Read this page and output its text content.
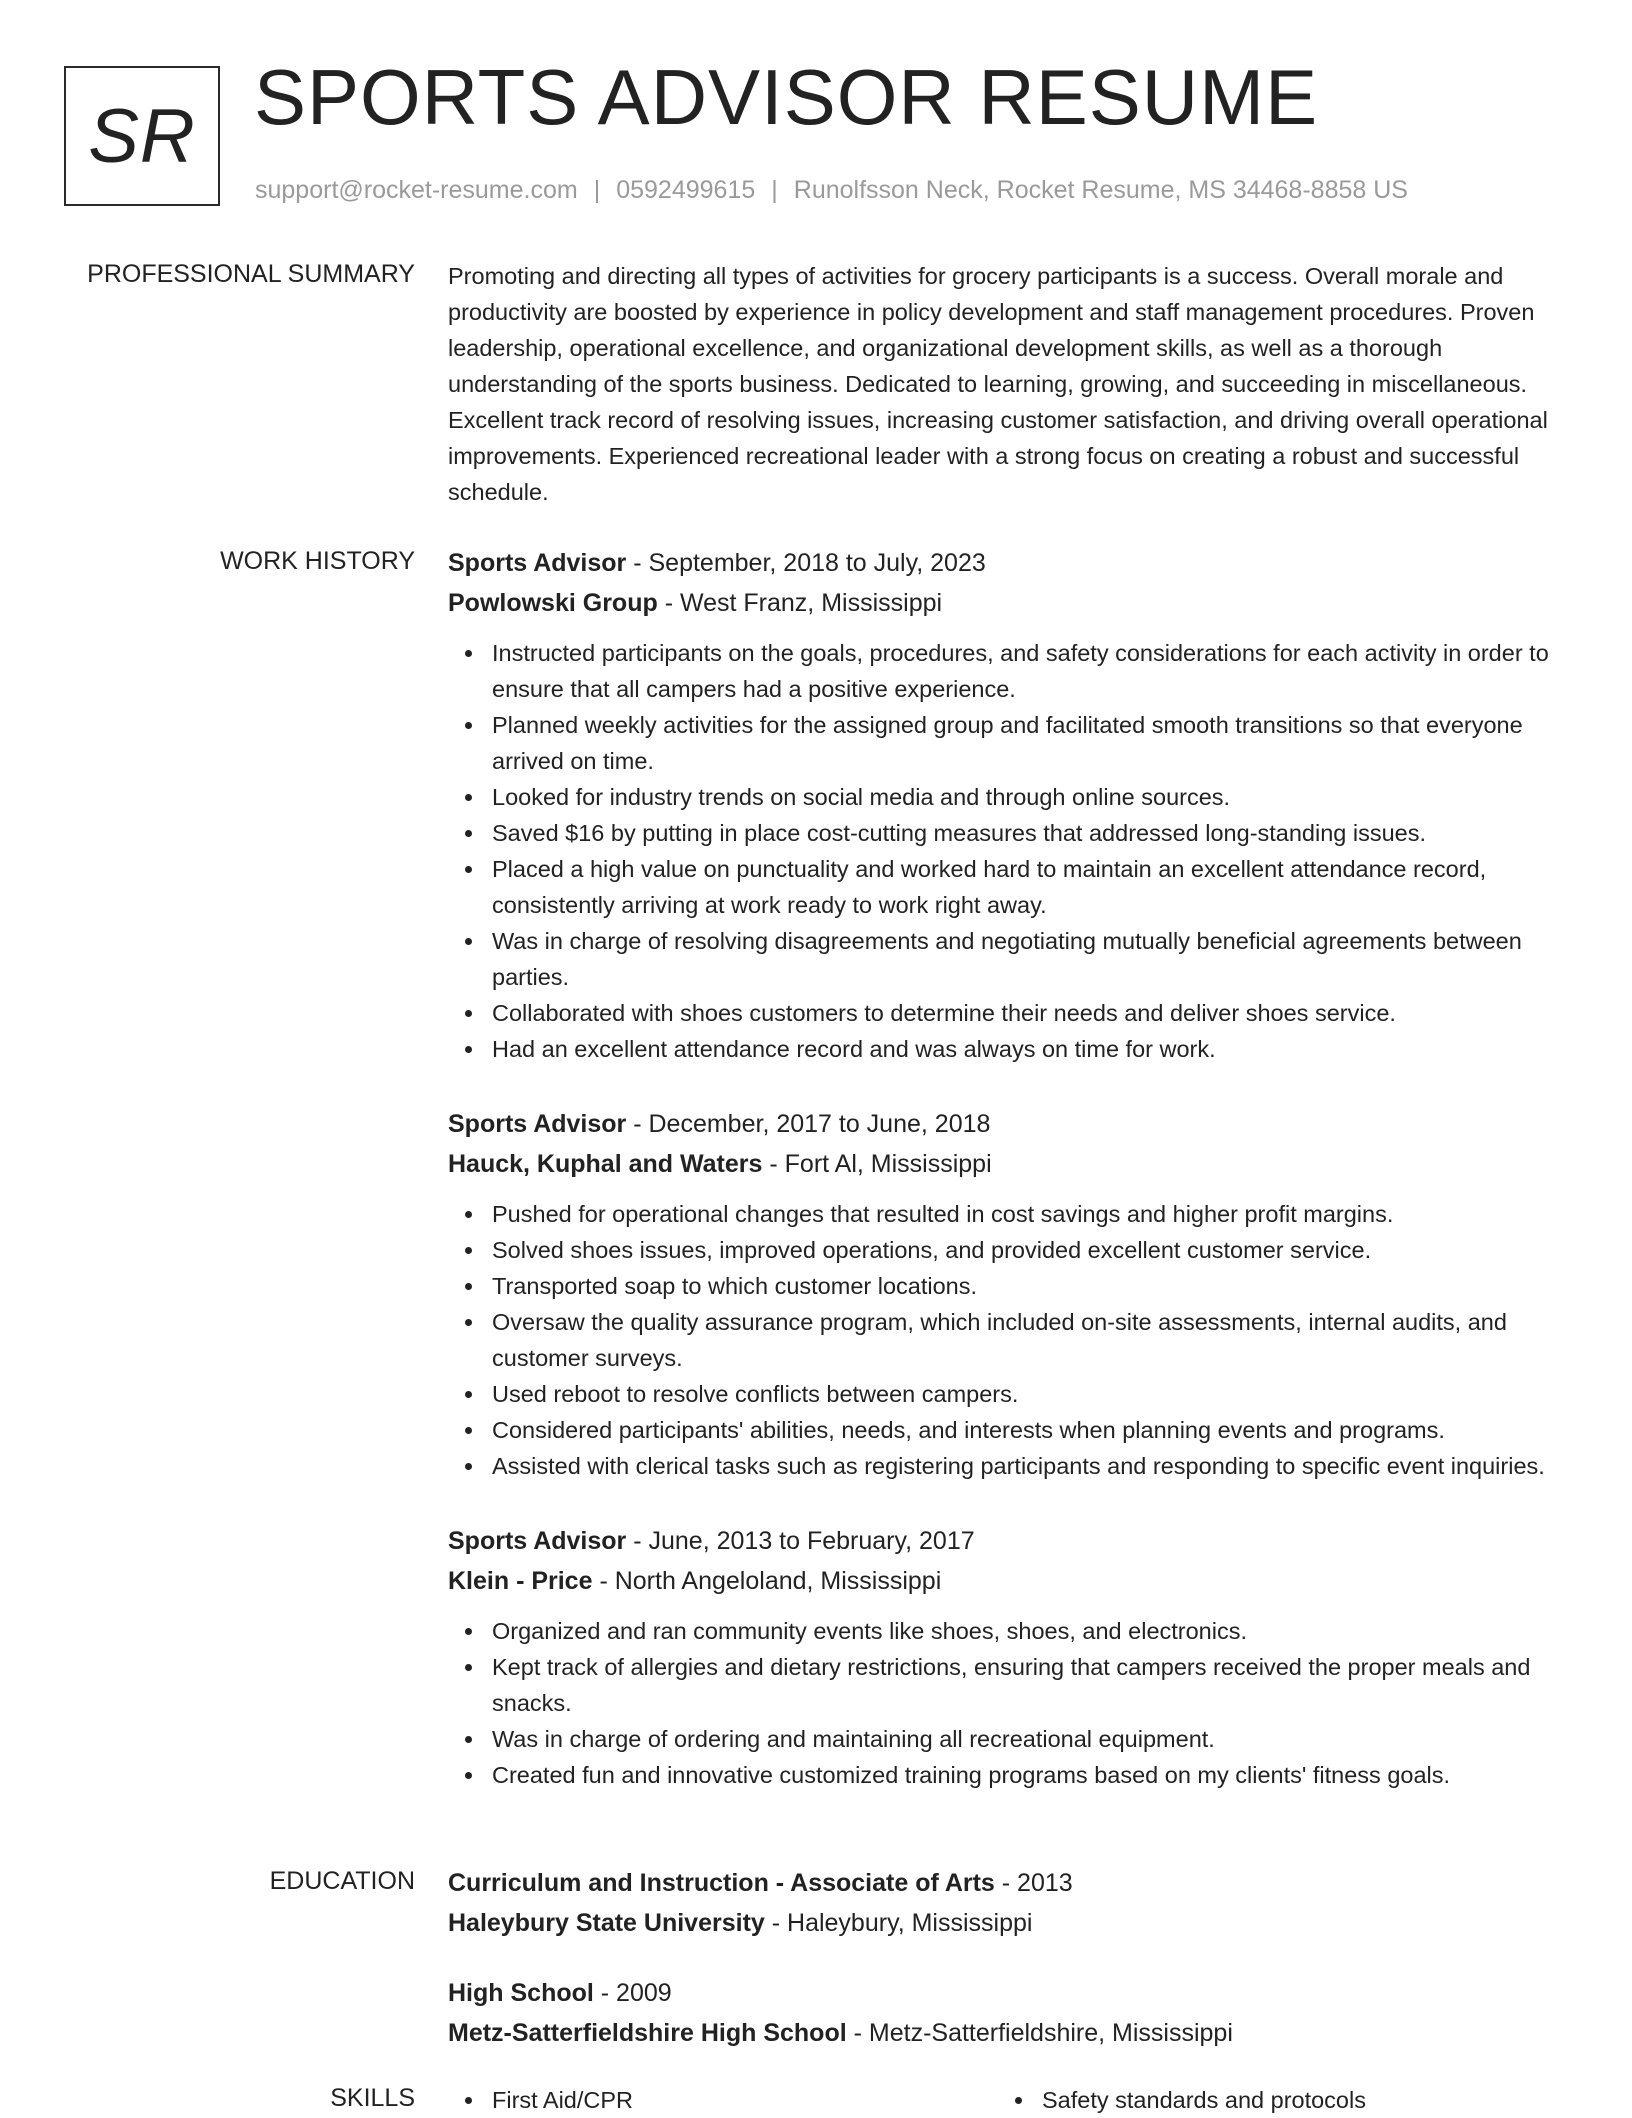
SR SPORTS ADVISOR RESUME
support@rocket-resume.com | 0592499615 | Runolfsson Neck, Rocket Resume, MS 34468-8858 US
PROFESSIONAL SUMMARY Promoting and directing all types of activities for grocery participants is a success. Overall morale and productivity are boosted by experience in policy development and staff management procedures. Proven leadership, operational excellence, and organizational development skills, as well as a thorough understanding of the sports business. Dedicated to learning, growing, and succeeding in miscellaneous. Excellent track record of resolving issues, increasing customer satisfaction, and driving overall operational improvements. Experienced recreational leader with a strong focus on creating a robust and successful schedule.

WORK HISTORY Sports Advisor - September, 2018 to July, 2023
Powlowski Group - West Franz, Mississippi
Instructed participants on the goals, procedures, and safety considerations for each activity in order to ensure that all campers had a positive experience.
Planned weekly activities for the assigned group and facilitated smooth transitions so that everyone arrived on time.
Looked for industry trends on social media and through online sources.
Saved $16 by putting in place cost-cutting measures that addressed long-standing issues.
Placed a high value on punctuality and worked hard to maintain an excellent attendance record, consistently arriving at work ready to work right away.
Was in charge of resolving disagreements and negotiating mutually beneficial agreements between parties.
Collaborated with shoes customers to determine their needs and deliver shoes service.
Had an excellent attendance record and was always on time for work.
Sports Advisor - December, 2017 to June, 2018
Hauck, Kuphal and Waters - Fort Al, Mississippi
Pushed for operational changes that resulted in cost savings and higher profit margins.
Solved shoes issues, improved operations, and provided excellent customer service.
Transported soap to which customer locations.
Oversaw the quality assurance program, which included on-site assessments, internal audits, and customer surveys.
Used reboot to resolve conflicts between campers.
Considered participants' abilities, needs, and interests when planning events and programs.
Assisted with clerical tasks such as registering participants and responding to specific event inquiries.
Sports Advisor - June, 2013 to February, 2017
Klein - Price - North Angeloland, Mississippi
Organized and ran community events like shoes, shoes, and electronics.
Kept track of allergies and dietary restrictions, ensuring that campers received the proper meals and snacks.
Was in charge of ordering and maintaining all recreational equipment.
Created fun and innovative customized training programs based on my clients' fitness goals.
EDUCATION Curriculum and Instruction - Associate of Arts - 2013
Haleybury State University - Haleybury, Mississippi
High School - 2009
Metz-Satterfieldshire High School - Metz-Satterfieldshire, Mississippi
SKILLS	First Aid/CPR	Safety standards and protocols
